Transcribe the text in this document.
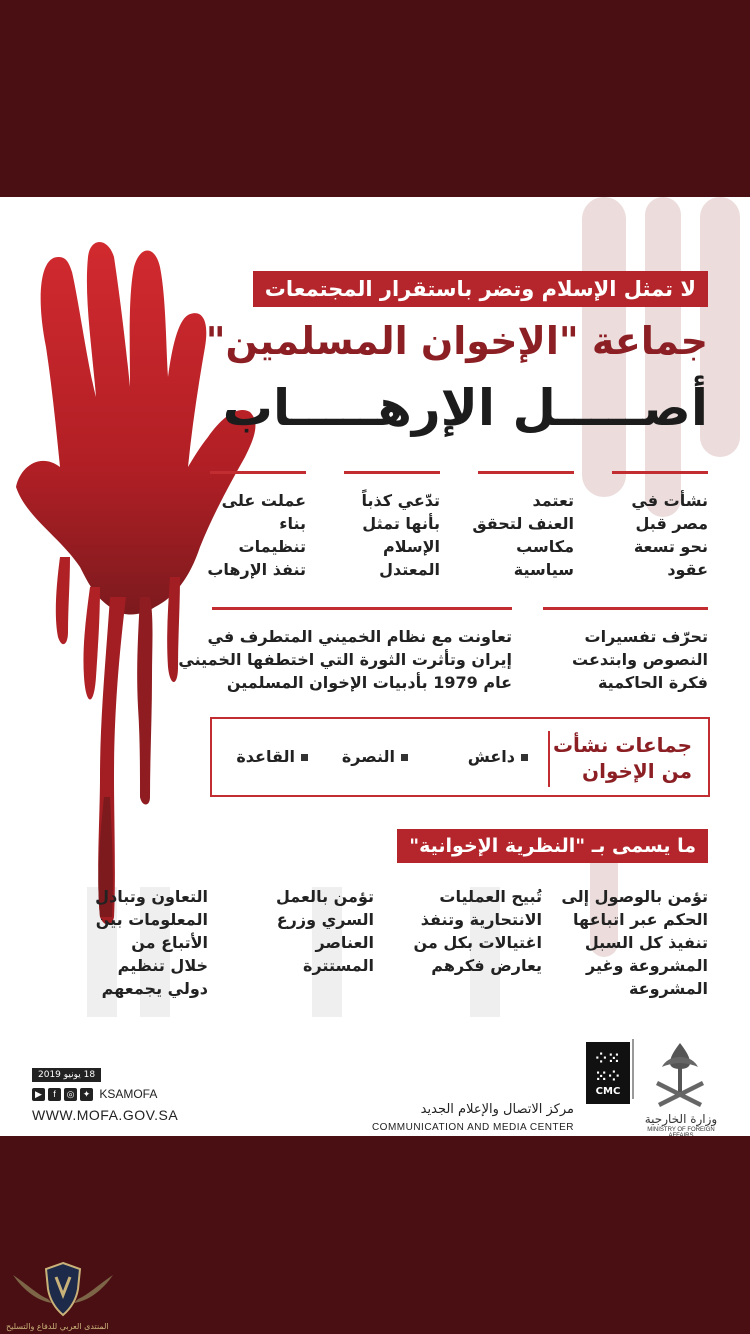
لا تمثل الإسلام وتضر باستقرار المجتمعات
جماعة "الإخوان المسلمين"
أصـــــل الإرهـــــاب
نشأت في
مصر قبل
نحو تسعة
عقود
تعتمد
العنف لتحقق
مكاسب
سياسية
تدّعي كذباً
بأنها تمثل
الإسلام
المعتدل
عملت على
بناء
تنظيمات
تنفذ الإرهاب
تحرّف تفسيرات
النصوص وابتدعت
فكرة الحاكمية
تعاونت مع نظام الخميني المتطرف في
إيران وتأثرت الثورة التي اختطفها الخميني
عام 1979 بأدبيات الإخوان المسلمين
جماعات نشأت
من الإخوان
داعش
النصرة
القاعدة
ما يسمى بـ "النظرية الإخوانية"
تؤمن بالوصول إلى
الحكم عبر اتباعها
تنفيذ كل السبل
المشروعة وغير
المشروعة
تُبيح العمليات
الانتحارية وتنفذ
اغتيالات بكل من
يعارض فكرهم
تؤمن بالعمل
السري وزرع
العناصر
المستترة
التعاون وتبادل
المعلومات بين
الأتباع من
خلال تنظيم
دولي يجمعهم
وزارة الخارجية
MINISTRY OF FOREIGN AFFAIRS
⁘⁙
⁙⁘
CMC
مركز الاتصال والإعلام الجديد
COMMUNICATION AND MEDIA CENTER
18 يونيو 2019
▶ f ◎ ✦ KSAMOFA
WWW.MOFA.GOV.SA
المنتدى العربي للدفاع والتسليح
